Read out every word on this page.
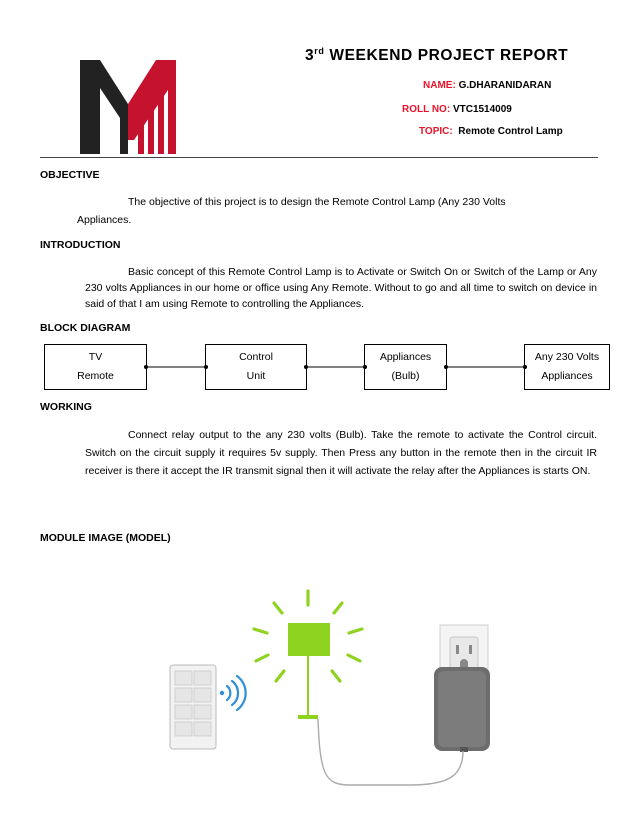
3rd WEEKEND PROJECT REPORT
NAME: G.DHARANIDARAN
ROLL NO: VTC1514009
TOPIC: Remote Control Lamp
OBJECTIVE
The objective of this project is to design the Remote Control Lamp (Any 230 Volts
Appliances.
INTRODUCTION
Basic concept of this Remote Control Lamp is to Activate or Switch On or Switch of the Lamp or Any 230 volts Appliances in our home or office using Any Remote. Without to go and all time to switch on device in said of that I am using Remote to controlling the Appliances.
BLOCK DIAGRAM
TV
Remote
Control
Unit
Appliances
(Bulb)
Any 230 Volts
Appliances
WORKING
Connect relay output to the any 230 volts (Bulb). Take the remote to activate the Control circuit. Switch on the circuit supply it requires 5v supply. Then Press any button in the remote then in the circuit IR receiver is there it accept the IR transmit signal then it will activate the relay after the Appliances is starts ON.
MODULE IMAGE (MODEL)
